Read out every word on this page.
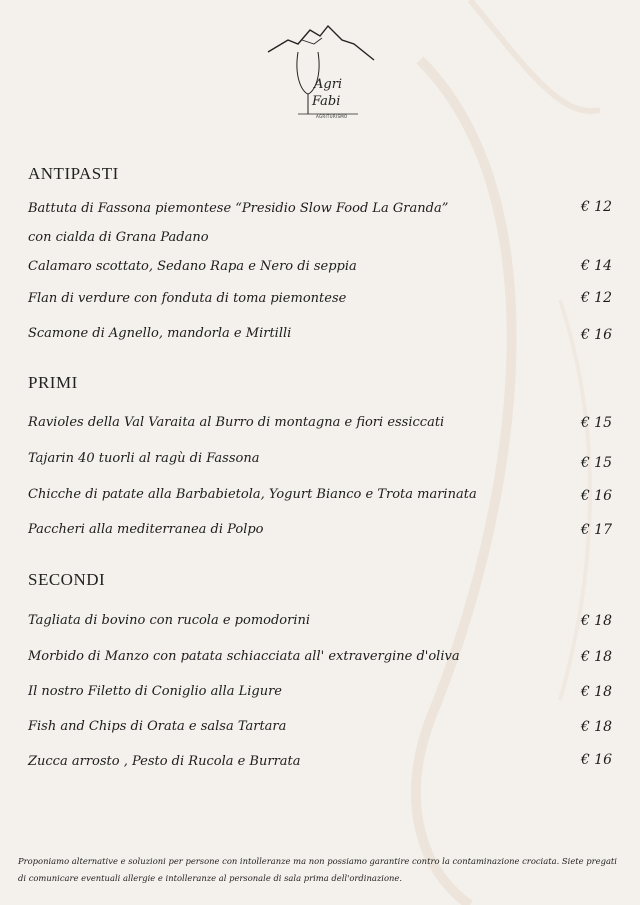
Agri
Fabi
AGRITURISMO
ANTIPASTI
Battuta di Fassona piemontese “Presidio Slow Food La Granda”
con cialda di Grana Padano
€ 12
Calamaro scottato, Sedano Rapa e Nero di seppia	€ 14
Flan di verdure con fonduta di toma piemontese	€ 12
Scamone di Agnello, mandorla e Mirtilli	€ 16
PRIMI
Ravioles della Val Varaita al Burro di montagna e fiori essiccati	€ 15
Tajarin 40 tuorli al ragù di Fassona	€ 15
Chicche di patate alla Barbabietola, Yogurt Bianco e Trota marinata	€ 16
Paccheri alla mediterranea di Polpo	€ 17
SECONDI
Tagliata di bovino con rucola e pomodorini	€ 18
Morbido di Manzo con patata schiacciata all' extravergine d'oliva	€ 18
Il nostro Filetto di Coniglio alla Ligure	€ 18
Fish and Chips di Orata e salsa Tartara	€ 18
Zucca arrosto , Pesto di Rucola e Burrata	€ 16
Proponiamo alternative e soluzioni per persone con intolleranze ma non possiamo garantire contro la contaminazione crociata. Siete pregati di comunicare eventuali allergie e intolleranze al personale di sala prima dell'ordinazione.
